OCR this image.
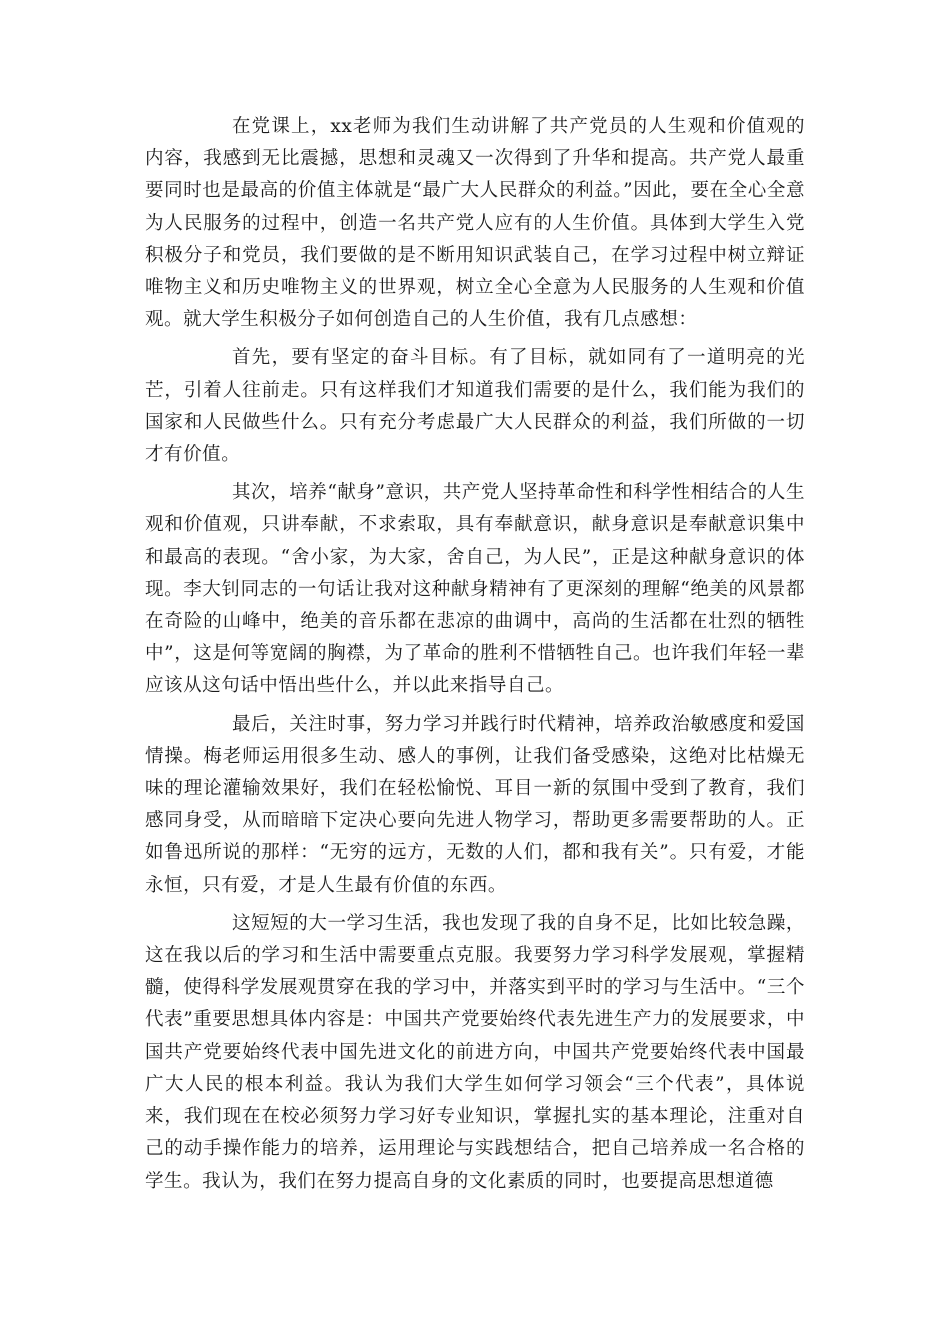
在党课上，xx老师为我们生动讲解了共产党员的人生观和价值观的内容，我感到无比震撼，思想和灵魂又一次得到了升华和提高。共产党人最重要同时也是最高的价值主体就是“最广大人民群众的利益。”因此，要在全心全意为人民服务的过程中，创造一名共产党人应有的人生价值。具体到大学生入党积极分子和党员，我们要做的是不断用知识武装自己，在学习过程中树立辩证唯物主义和历史唯物主义的世界观，树立全心全意为人民服务的人生观和价值观。就大学生积极分子如何创造自己的人生价值，我有几点感想：

首先，要有坚定的奋斗目标。有了目标，就如同有了一道明亮的光芒，引着人往前走。只有这样我们才知道我们需要的是什么，我们能为我们的国家和人民做些什么。只有充分考虑最广大人民群众的利益，我们所做的一切才有价值。

其次，培养“献身”意识，共产党人坚持革命性和科学性相结合的人生观和价值观，只讲奉献，不求索取，具有奉献意识，献身意识是奉献意识集中和最高的表现。“舍小家，为大家，舍自己，为人民”，正是这种献身意识的体现。李大钊同志的一句话让我对这种献身精神有了更深刻的理解“绝美的风景都在奇险的山峰中，绝美的音乐都在悲凉的曲调中，高尚的生活都在壮烈的牺牲中”，这是何等宽阔的胸襟，为了革命的胜利不惜牺牲自己。也许我们年轻一辈应该从这句话中悟出些什么，并以此来指导自己。

最后，关注时事，努力学习并践行时代精神，培养政治敏感度和爱国情操。梅老师运用很多生动、感人的事例，让我们备受感染，这绝对比枯燥无味的理论灌输效果好，我们在轻松愉悦、耳目一新的氛围中受到了教育，我们感同身受，从而暗暗下定决心要向先进人物学习，帮助更多需要帮助的人。正如鲁迅所说的那样：“无穷的远方，无数的人们，都和我有关”。只有爱，才能永恒，只有爱，才是人生最有价值的东西。

这短短的大一学习生活，我也发现了我的自身不足，比如比较急躁，这在我以后的学习和生活中需要重点克服。我要努力学习科学发展观，掌握精髓，使得科学发展观贯穿在我的学习中，并落实到平时的学习与生活中。“三个代表”重要思想具体内容是：中国共产党要始终代表先进生产力的发展要求，中国共产党要始终代表中国先进文化的前进方向，中国共产党要始终代表中国最广大人民的根本利益。我认为我们大学生如何学习领会“三个代表”，具体说来，我们现在在校必须努力学习好专业知识，掌握扎实的基本理论，注重对自己的动手操作能力的培养，运用理论与实践想结合，把自己培养成一名合格的学生。我认为，我们在努力提高自身的文化素质的同时，也要提高思想道德
